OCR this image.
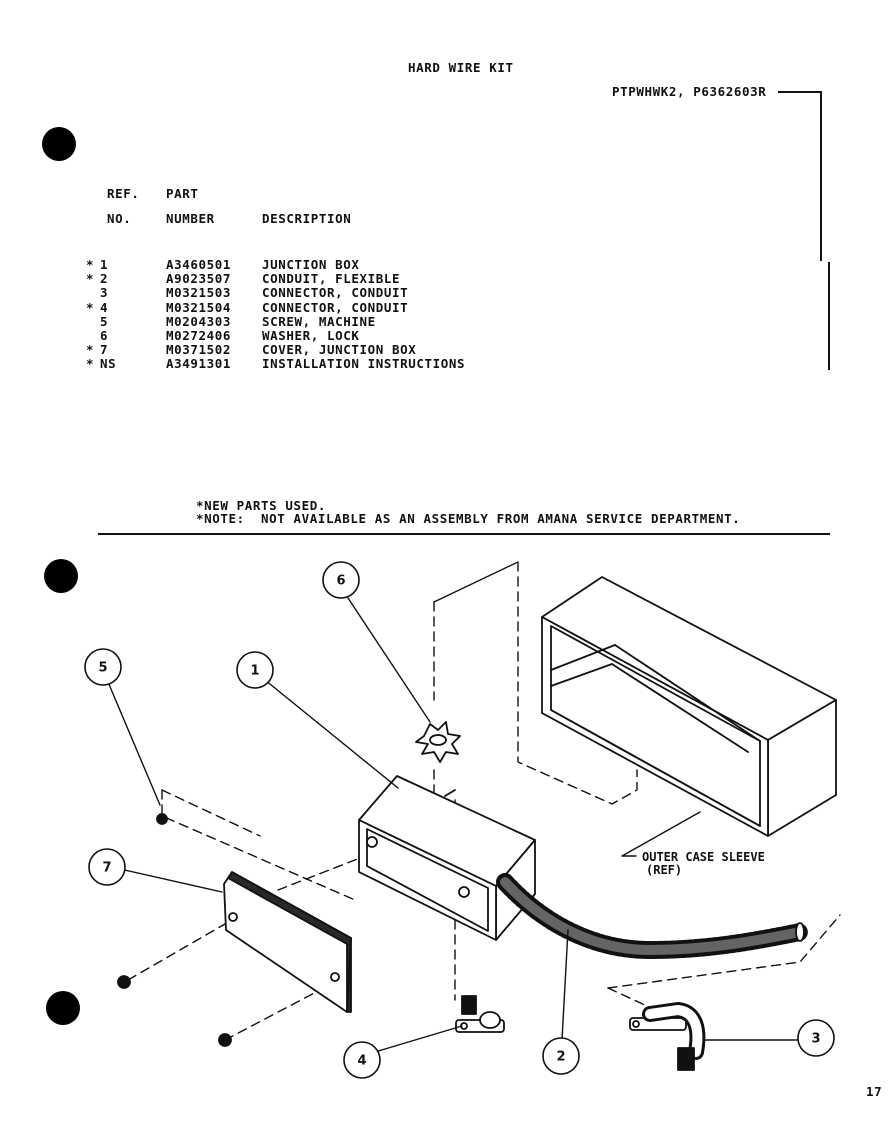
HARD WIRE KIT
PTPWHWK2, P6362603R
REF. PART
NO.	NUMBER	DESCRIPTION
*	1	A3460501	JUNCTION BOX
*	2	A9023507	CONDUIT, FLEXIBLE
	3	M0321503	CONNECTOR, CONDUIT
*	4	M0321504	CONNECTOR, CONDUIT
	5	M0204303	SCREW, MACHINE
	6	M0272406	WASHER, LOCK
*	7	M0371502	COVER, JUNCTION BOX
*	NS	A3491301	INSTALLATION INSTRUCTIONS
*NEW PARTS USED.
*NOTE:  NOT AVAILABLE AS AN ASSEMBLY FROM AMANA SERVICE DEPARTMENT.
1
2
3
4
5
6
7
OUTER CASE SLEEVE
(REF)
17
